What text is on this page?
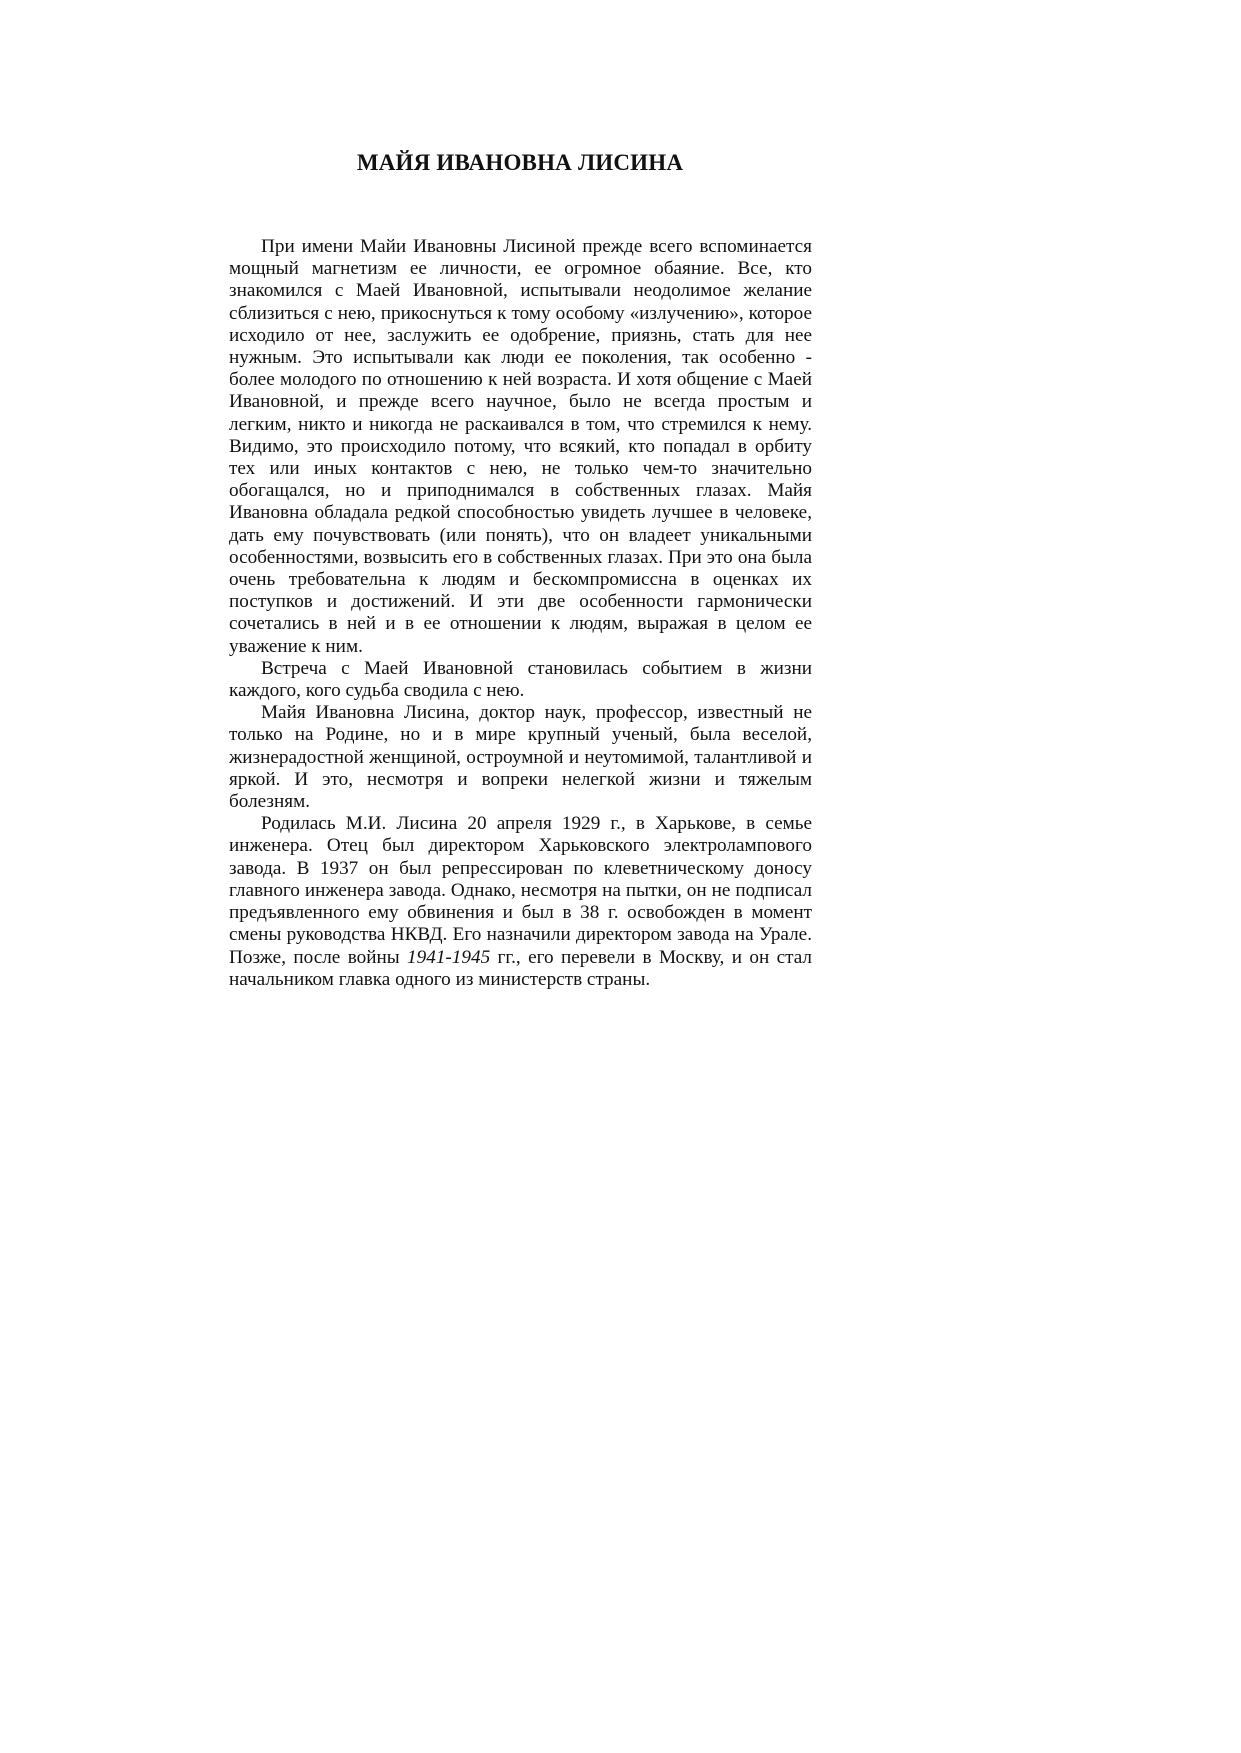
МАЙЯ ИВАНОВНА ЛИСИНА

При имени Майи Ивановны Лисиной прежде всего вспоминается мощный магнетизм ее личности, ее огромное обаяние. Все, кто знакомился с Маей Ивановной, испытывали неодолимое желание сблизиться с нею, прикоснуться к тому особому «излучению», которое исходило от нее, заслужить ее одобрение, приязнь, стать для нее нужным. Это испытывали как люди ее поколения, так особенно - более молодого по отношению к ней возраста. И хотя общение с Маей Ивановной, и прежде всего научное, было не всегда простым и легким, никто и никогда не раскаивался в том, что стремился к нему. Видимо, это происходило потому, что всякий, кто попадал в орбиту тех или иных контактов с нею, не только чем-то значительно обогащался, но и приподнимался в собственных глазах. Майя Ивановна обладала редкой способностью увидеть лучшее в человеке, дать ему почувствовать (или понять), что он владеет уникальными особенностями, возвысить его в собственных глазах. При это она была очень требовательна к людям и бескомпромиссна в оценках их поступков и достижений. И эти две особенности гармонически сочетались в ней и в ее отношении к людям, выражая в целом ее уважение к ним.

Встреча с Маей Ивановной становилась событием в жизни каждого, кого судьба сводила с нею.

Майя Ивановна Лисина, доктор наук, профессор, известный не только на Родине, но и в мире крупный ученый, была веселой, жизнерадостной женщиной, остроумной и неутомимой, талантливой и яркой. И это, несмотря и вопреки нелегкой жизни и тяжелым болезням.

Родилась М.И. Лисина 20 апреля 1929 г., в Харькове, в семье инженера. Отец был директором Харьковского электролампового завода. В 1937 он был репрессирован по клеветническому доносу главного инженера завода. Однако, несмотря на пытки, он не подписал предъявленного ему обвинения и был в 38 г. освобожден в момент смены руководства НКВД. Его назначили директором завода на Урале. Позже, после войны 1941-1945 гг., его перевели в Москву, и он стал начальником главка одного из министерств страны.
